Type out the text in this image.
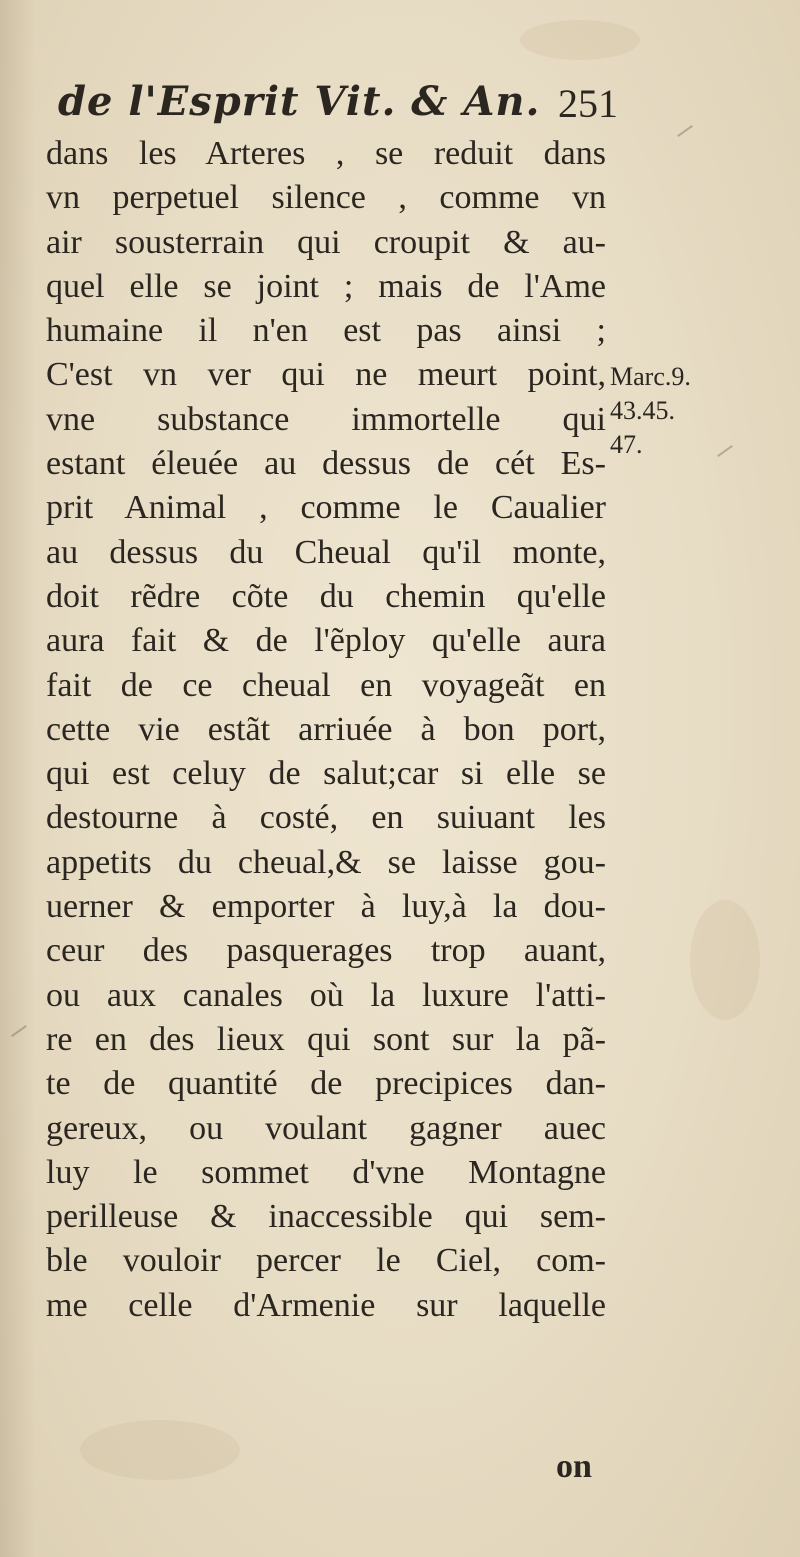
de l'Esprit Vit. & An. 251
dans les Arteres , se reduit dans
vn perpetuel silence , comme vn
air sousterrain qui croupit & au-
quel elle se joint ; mais de l'Ame
humaine il n'en est pas ainsi ;
C'est vn ver qui ne meurt point,
vne substance immortelle qui
estant éleuée au dessus de cét Es-
prit Animal , comme le Caualier
au dessus du Cheual qu'il monte,
doit rẽdre cõte du chemin qu'elle
aura fait & de l'ẽploy qu'elle aura
fait de ce cheual en voyageãt en
cette vie estãt arriuée à bon port,
qui est celuy de salut;car si elle se
destourne à costé, en suiuant les
appetits du cheual,& se laisse gou-
uerner & emporter à luy,à la dou-
ceur des pasquerages trop auant,
ou aux canales où la luxure l'atti-
re en des lieux qui sont sur la pã-
te de quantité de precipices dan-
gereux, ou voulant gagner auec
luy le sommet d'vne Montagne
perilleuse & inaccessible qui sem-
ble vouloir percer le Ciel, com-
me celle d'Armenie sur laquelle
on
Marc.9.
43.45.
47.
